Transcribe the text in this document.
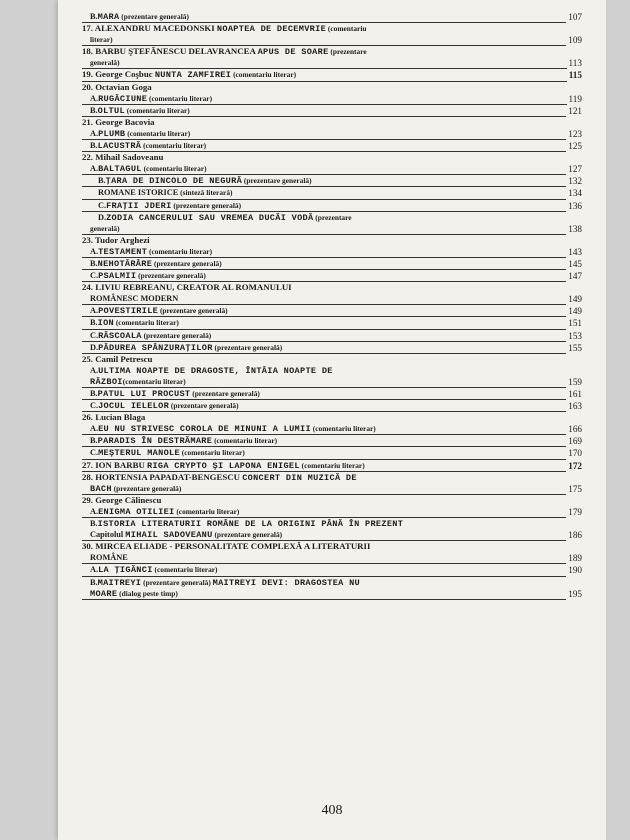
B.MARA (prezentare generală)	107
17. ALEXANDRU MACEDONSKI NOAPTEA DE DECEMVRIE (comentariu
literar)	109
18. BARBU ŞTEFĂNESCU DELAVRANCEA APUS DE SOARE (prezentare
generală)	113
19. George Coşbuc NUNTA ZAMFIREI (comentariu literar)	115
20. Octavian Goga
A.RUGĂCIUNE (comentariu literar)	119
B.OLTUL (comentariu literar)	121
21. George Bacovia
A.PLUMB (comentariu literar)	123
B.LACUSTRĂ (comentariu literar)	125
22. Mihail Sadoveanu
A.BALTAGUL (comentariu literar)	127
B.ŢARA DE DINCOLO DE NEGURĂ (prezentare generală)	132
ROMANE ISTORICE (sinteză literară)	134
C.FRAŢII JDERI (prezentare generală)	136
D.ZODIA CANCERULUI SAU VREMEA DUCĂI VODĂ (prezentare
generală)	138
23. Tudor Arghezi
A.TESTAMENT (comentariu literar)	143
B.NEHOTĂRÂRE (prezentare generală)	145
C.PSALMII (prezentare generală)	147
24. LIVIU REBREANU, CREATOR AL ROMANULUI
ROMÂNESC MODERN	149
A.POVESTIRILE (prezentare generală)	149
B.ION (comentariu literar)	151
C.RĂSCOALA (prezentare generală)	153
D.PĂDUREA SPÂNZURAŢILOR (prezentare generală)	155
25. Camil Petrescu
A.ULTIMA NOAPTE DE DRAGOSTE, ÎNTÂIA NOAPTE DE
RĂZBOI(comentariu literar)	159
B.PATUL LUI PROCUST (prezentare generală)	161
C.JOCUL IELELOR (prezentare generală)	163
26. Lucian Blaga
A.EU NU STRIVESC COROLA DE MINUNI A LUMII (comentariu literar)	166
B.PARADIS ÎN DESTRĂMARE (comentariu literar)	169
C.MEŞTERUL MANOLE (comentariu literar)	170
27. ION BARBU RIGA CRYPTO ŞI LAPONA ENIGEL (comentariu literar)	172
28. HORTENSIA PAPADAT-BENGESCU CONCERT DIN MUZICĂ DE
BACH (prezentare generală)	175
29. George Călinescu
A.ENIGMA OTILIEI (comentariu literar)	179
B.ISTORIA LITERATURII ROMÂNE DE LA ORIGINI PÂNĂ ÎN PREZENT
Capitolul MIHAIL SADOVEANU (prezentare generală)	186
30. MIRCEA ELIADE - PERSONALITATE COMPLEXĂ A LITERATURII
ROMÂNE	189
A.LA ŢIGĂNCI (comentariu literar)	190
B.MAITREYI (prezentare generală) MAITREYI DEVI: DRAGOSTEA NU
MOARE (dialog peste timp)	195
408
